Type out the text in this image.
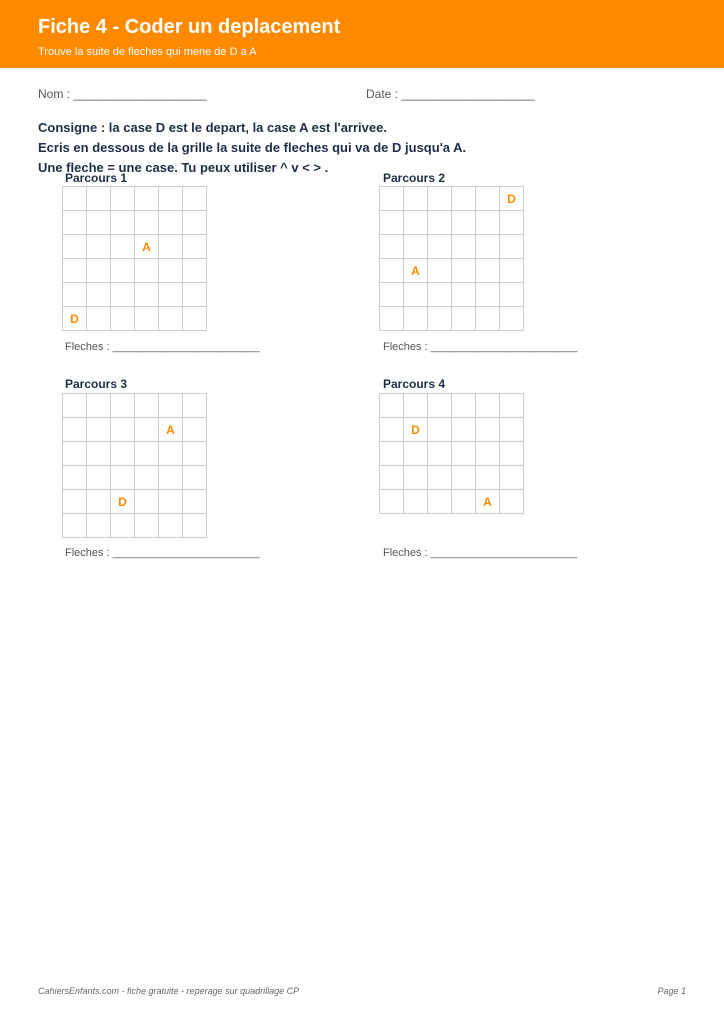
Fiche 4 - Coder un deplacement
Trouve la suite de fleches qui mene de D a A
Nom : ____________________	Date : ____________________
Consigne : la case D est le depart, la case A est l'arrivee.
Ecris en dessous de la grille la suite de fleches qui va de D jusqu'a A.
Une fleche = une case. Tu peux utiliser ^ v < > .
Parcours 1
A
D
Fleches : ________________________
Parcours 2
D
A
Fleches : ________________________
Parcours 3
A
D
Fleches : ________________________
Parcours 4
D
A
Fleches : ________________________
CahiersEnfants.com - fiche gratuite - reperage sur quadrillage CP	Page 1
